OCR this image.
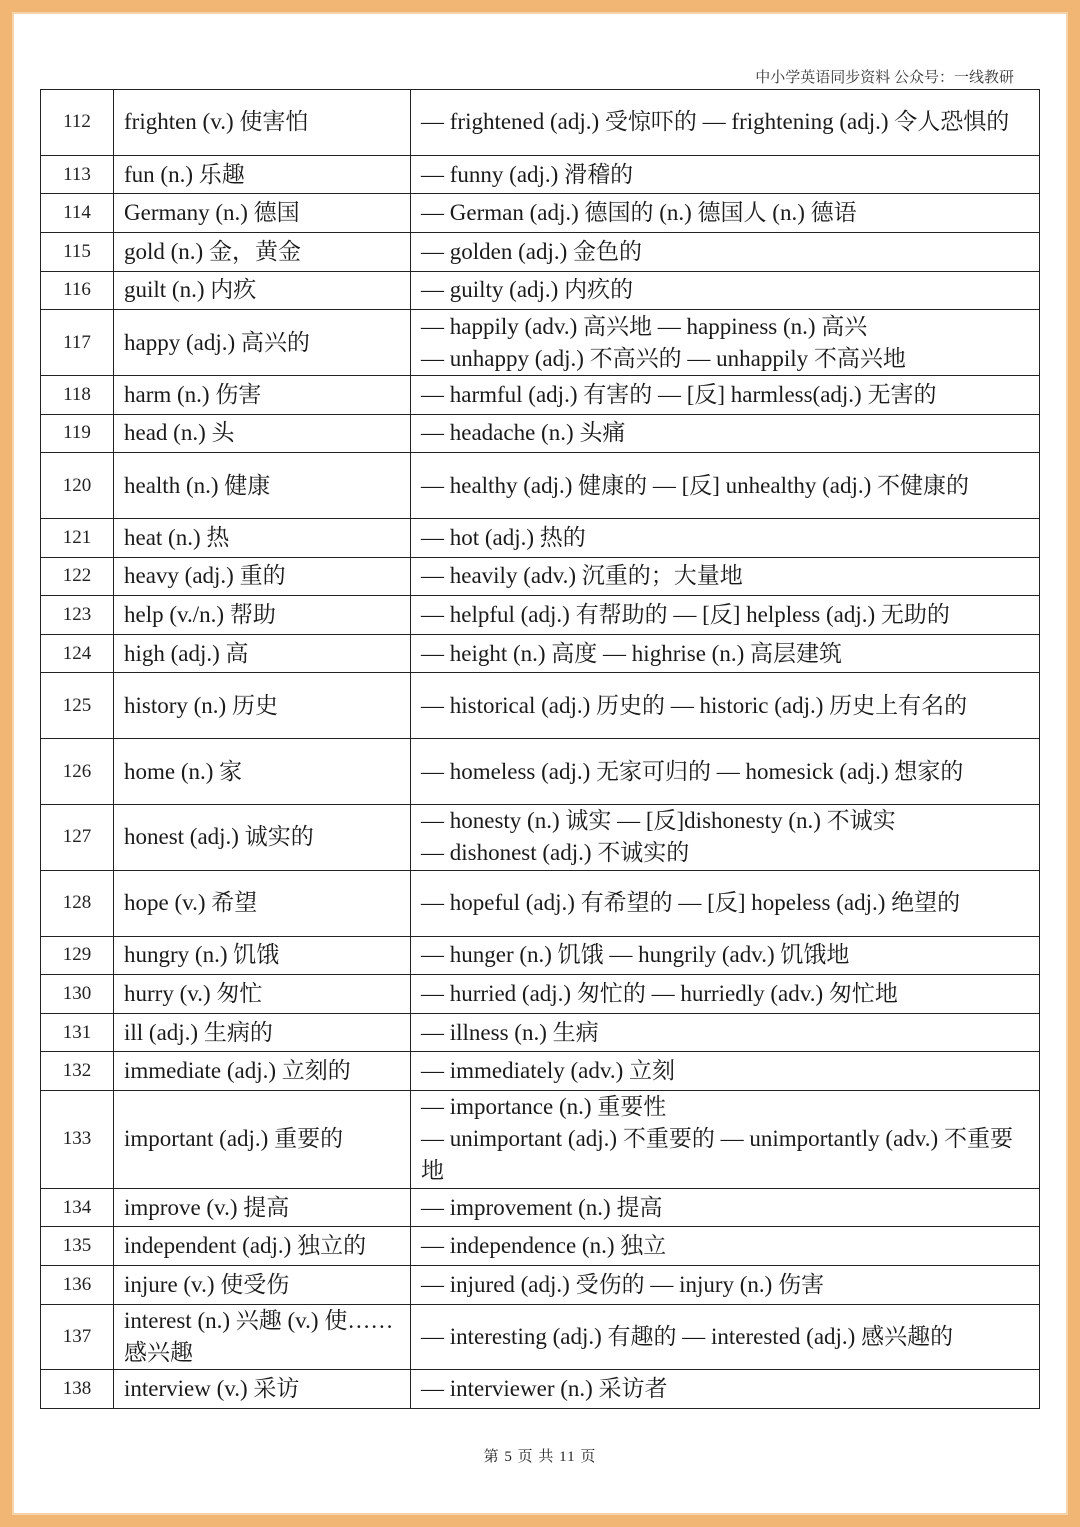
中小学英语同步资料 公众号：一线教研
112	frighten (v.) 使害怕	— frightened (adj.) 受惊吓的 — frightening (adj.) 令人恐惧的

113	fun (n.) 乐趣	— funny (adj.) 滑稽的

114	Germany (n.) 德国	— German (adj.) 德国的 (n.) 德国人 (n.) 德语

115	gold (n.) 金，黄金	— golden (adj.) 金色的

116	guilt (n.) 内疚	— guilty (adj.) 内疚的

117	happy (adj.) 高兴的	— happily (adv.) 高兴地 — happiness (n.) 高兴
— unhappy (adj.) 不高兴的 — unhappily 不高兴地

118	harm (n.) 伤害	— harmful (adj.) 有害的 — [反] harmless(adj.) 无害的

119	head (n.) 头	— headache (n.) 头痛

120	health (n.) 健康	— healthy (adj.) 健康的 — [反] unhealthy (adj.) 不健康的

121	heat (n.) 热	— hot (adj.) 热的

122	heavy (adj.) 重的	— heavily (adv.) 沉重的；大量地

123	help (v./n.) 帮助	— helpful (adj.) 有帮助的 — [反] helpless (adj.) 无助的

124	high (adj.) 高	— height (n.) 高度 — highrise (n.) 高层建筑

125	history (n.) 历史	— historical (adj.) 历史的 — historic (adj.) 历史上有名的

126	home (n.) 家	— homeless (adj.) 无家可归的 — homesick (adj.) 想家的

127	honest (adj.) 诚实的	— honesty (n.) 诚实 — [反]dishonesty (n.) 不诚实
— dishonest (adj.) 不诚实的

128	hope (v.) 希望	— hopeful (adj.) 有希望的 — [反] hopeless (adj.) 绝望的

129	hungry (n.) 饥饿	— hunger (n.) 饥饿 — hungrily (adv.) 饥饿地

130	hurry (v.) 匆忙	— hurried (adj.) 匆忙的 — hurriedly (adv.) 匆忙地

131	ill (adj.) 生病的	— illness (n.) 生病

132	immediate (adj.) 立刻的	— immediately (adv.) 立刻

133	important (adj.) 重要的	— importance (n.) 重要性
— unimportant (adj.) 不重要的 — unimportantly (adv.) 不重要地

134	improve (v.) 提高	— improvement (n.) 提高

135	independent (adj.) 独立的	— independence (n.) 独立

136	injure (v.) 使受伤	— injured (adj.) 受伤的 — injury (n.) 伤害

137	interest (n.) 兴趣 (v.) 使……感兴趣	— interesting (adj.) 有趣的 — interested (adj.) 感兴趣的

138	interview (v.) 采访	— interviewer (n.) 采访者
第 5 页 共 11 页
